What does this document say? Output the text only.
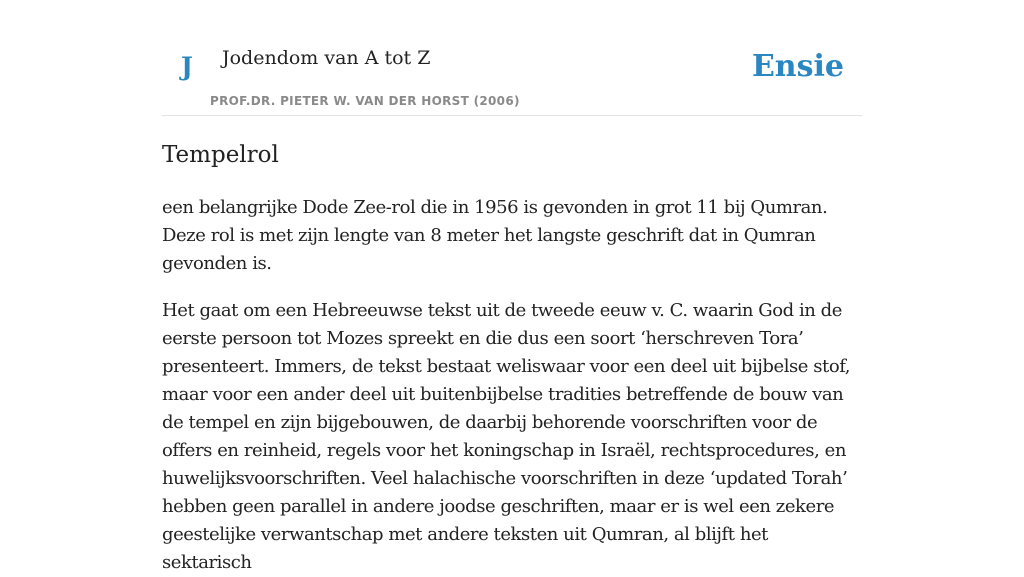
J Jodendom van A tot Z
PROF.DR. PIETER W. VAN DER HORST (2006)
Ensie
Tempelrol

een belangrijke Dode Zee-rol die in 1956 is gevonden in grot 11 bij Qumran. Deze rol is met zijn lengte van 8 meter het langste geschrift dat in Qumran gevonden is.

Het gaat om een Hebreeuwse tekst uit de tweede eeuw v. C. waarin God in de eerste persoon tot Mozes spreekt en die dus een soort ‘herschreven Tora’ presenteert. Immers, de tekst bestaat weliswaar voor een deel uit bijbelse stof, maar voor een ander deel uit buitenbijbelse tradities betreffende de bouw van de tempel en zijn bijgebouwen, de daarbij behorende voorschriften voor de offers en reinheid, regels voor het koningschap in Israël, rechtsprocedures, en huwelijksvoorschriften. Veel halachische voorschriften in deze ‘updated Torah’ hebben geen parallel in andere joodse geschriften, maar er is wel een zekere geestelijke verwantschap met andere teksten uit Qumran, al blijft het sektarisch
